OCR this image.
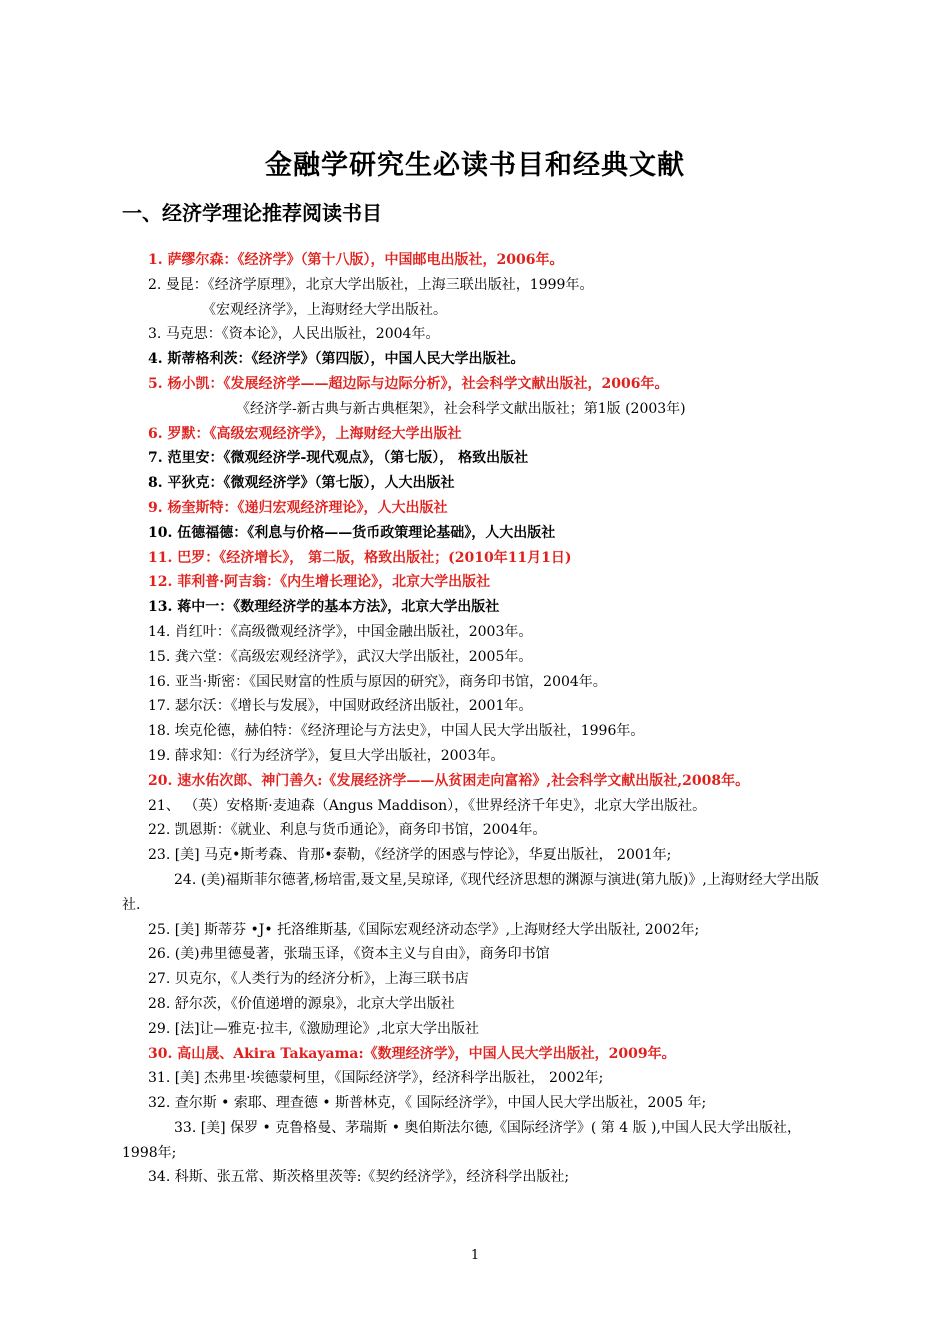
金融学研究生必读书目和经典文献
一、经济学理论推荐阅读书目
1. 萨缪尔森：《经济学》（第十八版），中国邮电出版社，2006年。
2. 曼昆：《经济学原理》，北京大学出版社，上海三联出版社，1999年。
《宏观经济学》，上海财经大学出版社。
3. 马克思：《资本论》，人民出版社，2004年。
4. 斯蒂格利茨：《经济学》（第四版），中国人民大学出版社。
5. 杨小凯：《发展经济学——超边际与边际分析》，社会科学文献出版社，2006年。
《经济学-新古典与新古典框架》，社会科学文献出版社；第1版 (2003年)
6. 罗默：《高级宏观经济学》，上海财经大学出版社
7. 范里安：《微观经济学-现代观点》，（第七版）， 格致出版社
8. 平狄克：《微观经济学》（第七版），人大出版社
9. 杨奎斯特：《递归宏观经济理论》，人大出版社
10. 伍德福德：《利息与价格——货币政策理论基础》，人大出版社
11. 巴罗：《经济增长》， 第二版，格致出版社；(2010年11月1日)
12. 菲利普·阿吉翁：《内生增长理论》，北京大学出版社
13. 蒋中一：《数理经济学的基本方法》，北京大学出版社
14. 肖红叶：《高级微观经济学》，中国金融出版社，2003年。
15. 龚六堂：《高级宏观经济学》，武汉大学出版社，2005年。
16. 亚当·斯密：《国民财富的性质与原因的研究》，商务印书馆，2004年。
17. 瑟尔沃：《增长与发展》，中国财政经济出版社，2001年。
18. 埃克伦德，赫伯特：《经济理论与方法史》，中国人民大学出版社，1996年。
19. 薛求知：《行为经济学》，复旦大学出版社，2003年。
20. 速水佑次郎、神门善久:《发展经济学——从贫困走向富裕》,社会科学文献出版社,2008年。
21、 （英）安格斯·麦迪森（Angus Maddison），《世界经济千年史》，北京大学出版社。
22. 凯恩斯：《就业、利息与货币通论》，商务印书馆，2004年。
23. [美] 马克•斯考森、肯那•泰勒，《经济学的困惑与悖论》，华夏出版社， 2001年;
24. (美)福斯菲尔德著,杨培雷,聂文星,吴琼译,《现代经济思想的渊源与演进(第九版)》,上海财经大学出版社.
25. [美] 斯蒂芬 •J• 托洛维斯基,《国际宏观经济动态学》,上海财经大学出版社, 2002年;
26. (美)弗里德曼著，张瑞玉译，《资本主义与自由》，商务印书馆
27. 贝克尔，《人类行为的经济分析》，上海三联书店
28. 舒尔茨，《价值递增的源泉》，北京大学出版社
29. [法]让—雅克·拉丰,《激励理论》,北京大学出版社
30. 高山晟、Akira Takayama:《数理经济学》，中国人民大学出版社，2009年。
31. [美] 杰弗里·埃德蒙柯里，《国际经济学》，经济科学出版社， 2002年;
32. 查尔斯 • 索耶、理查德 • 斯普林克，《 国际经济学》，中国人民大学出版社，2005 年;
33. [美] 保罗 • 克鲁格曼、茅瑞斯 • 奥伯斯法尔德,《国际经济学》( 第 4 版 ),中国人民大学出版社，1998年;
34. 科斯、张五常、斯茨格里茨等:《契约经济学》，经济科学出版社;
1
